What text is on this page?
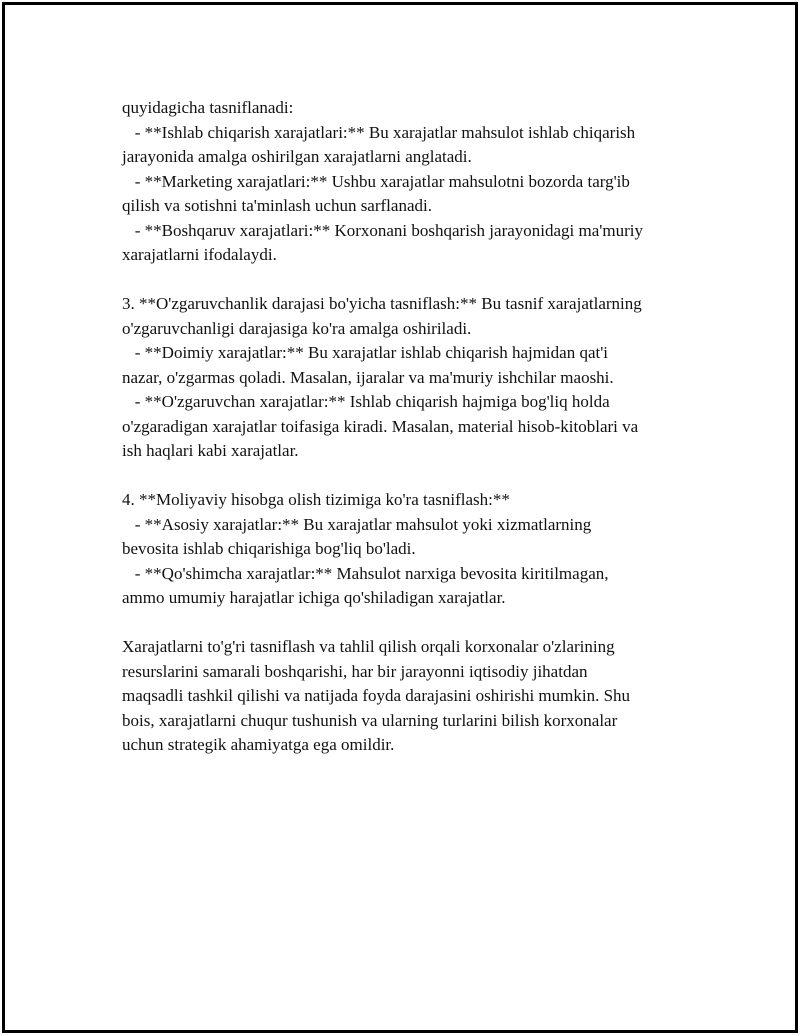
quyidagicha tasniflanadi:
- **Ishlab chiqarish xarajatlari:** Bu xarajatlar mahsulot ishlab chiqarish
jarayonida amalga oshirilgan xarajatlarni anglatadi.
- **Marketing xarajatlari:** Ushbu xarajatlar mahsulotni bozorda targ'ib
qilish va sotishni ta'minlash uchun sarflanadi.
- **Boshqaruv xarajatlari:** Korxonani boshqarish jarayonidagi ma'muriy
xarajatlarni ifodalaydi.
3. **O'zgaruvchanlik darajasi bo'yicha tasniflash:** Bu tasnif xarajatlarning
o'zgaruvchanligi darajasiga ko'ra amalga oshiriladi.
- **Doimiy xarajatlar:** Bu xarajatlar ishlab chiqarish hajmidan qat'i
nazar, o'zgarmas qoladi. Masalan, ijaralar va ma'muriy ishchilar maoshi.
- **O'zgaruvchan xarajatlar:** Ishlab chiqarish hajmiga bog'liq holda
o'zgaradigan xarajatlar toifasiga kiradi. Masalan, material hisob-kitoblari va
ish haqlari kabi xarajatlar.
4. **Moliyaviy hisobga olish tizimiga ko'ra tasniflash:**
- **Asosiy xarajatlar:** Bu xarajatlar mahsulot yoki xizmatlarning
bevosita ishlab chiqarishiga bog'liq bo'ladi.
- **Qo'shimcha xarajatlar:** Mahsulot narxiga bevosita kiritilmagan,
ammo umumiy harajatlar ichiga qo'shiladigan xarajatlar.
Xarajatlarni to'g'ri tasniflash va tahlil qilish orqali korxonalar o'zlarining
resurslarini samarali boshqarishi, har bir jarayonni iqtisodiy jihatdan
maqsadli tashkil qilishi va natijada foyda darajasini oshirishi mumkin. Shu
bois, xarajatlarni chuqur tushunish va ularning turlarini bilish korxonalar
uchun strategik ahamiyatga ega omildir.
